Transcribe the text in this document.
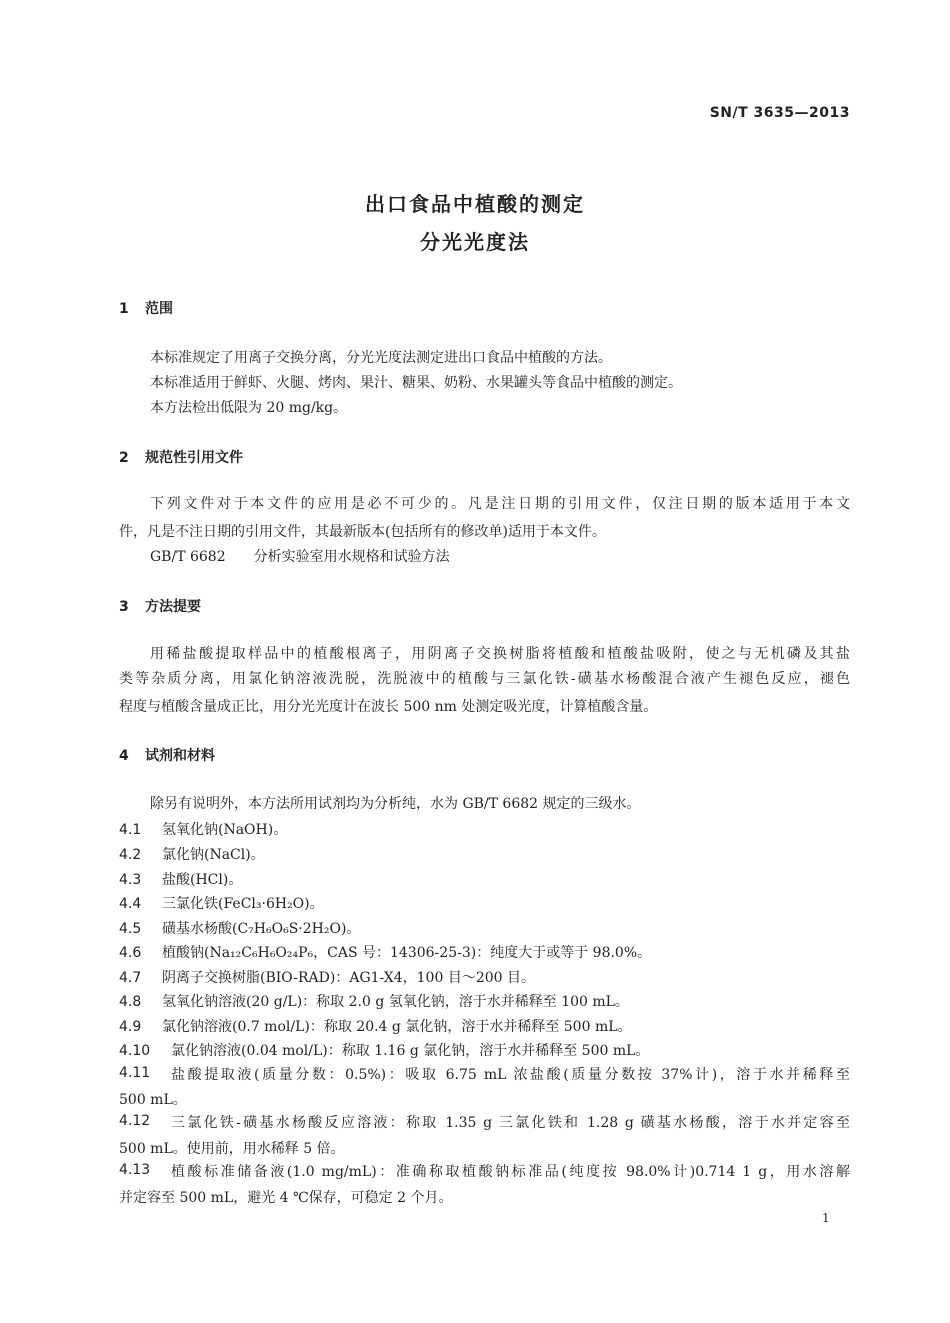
SN/T 3635—2013
出口食品中植酸的测定
分光光度法
1 范围
本标准规定了用离子交换分离，分光光度法测定进出口食品中植酸的方法。
本标准适用于鲜虾、火腿、烤肉、果汁、糖果、奶粉、水果罐头等食品中植酸的测定。
本方法检出低限为 20 mg/kg。
2 规范性引用文件
下列文件对于本文件的应用是必不可少的。凡是注日期的引用文件，仅注日期的版本适用于本文
件，凡是不注日期的引用文件，其最新版本(包括所有的修改单)适用于本文件。
GB/T 6682 分析实验室用水规格和试验方法
3 方法提要
用稀盐酸提取样品中的植酸根离子，用阴离子交换树脂将植酸和植酸盐吸附，使之与无机磷及其盐
类等杂质分离，用氯化钠溶液洗脱，洗脱液中的植酸与三氯化铁-磺基水杨酸混合液产生褪色反应，褪色
程度与植酸含量成正比，用分光光度计在波长 500 nm 处测定吸光度，计算植酸含量。
4 试剂和材料
除另有说明外，本方法所用试剂均为分析纯，水为 GB/T 6682 规定的三级水。
4.1 氢氧化钠(NaOH)。
4.2 氯化钠(NaCl)。
4.3 盐酸(HCl)。
4.4 三氯化铁(FeCl₃·6H₂O)。
4.5 磺基水杨酸(C₇H₆O₆S·2H₂O)。
4.6 植酸钠(Na₁₂C₆H₆O₂₄P₆，CAS 号：14306-25-3)：纯度大于或等于 98.0%。
4.7 阴离子交换树脂(BIO-RAD)：AG1-X4，100 目～200 目。
4.8 氢氧化钠溶液(20 g/L)：称取 2.0 g 氢氧化钠，溶于水并稀释至 100 mL。
4.9 氯化钠溶液(0.7 mol/L)：称取 20.4 g 氯化钠，溶于水并稀释至 500 mL。
4.10 氯化钠溶液(0.04 mol/L)：称取 1.16 g 氯化钠，溶于水并稀释至 500 mL。
4.11	盐酸提取液(质量分数：0.5%)：吸取 6.75 mL 浓盐酸(质量分数按 37%计)，溶于水并稀释至
500 mL。
4.12	三氯化铁-磺基水杨酸反应溶液：称取 1.35 g 三氯化铁和 1.28 g 磺基水杨酸，溶于水并定容至
500 mL。使用前，用水稀释 5 倍。
4.13	植酸标准储备液(1.0 mg/mL)：准确称取植酸钠标准品(纯度按 98.0%计)0.714 1 g，用水溶解
并定容至 500 mL，避光 4 ℃保存，可稳定 2 个月。
1
